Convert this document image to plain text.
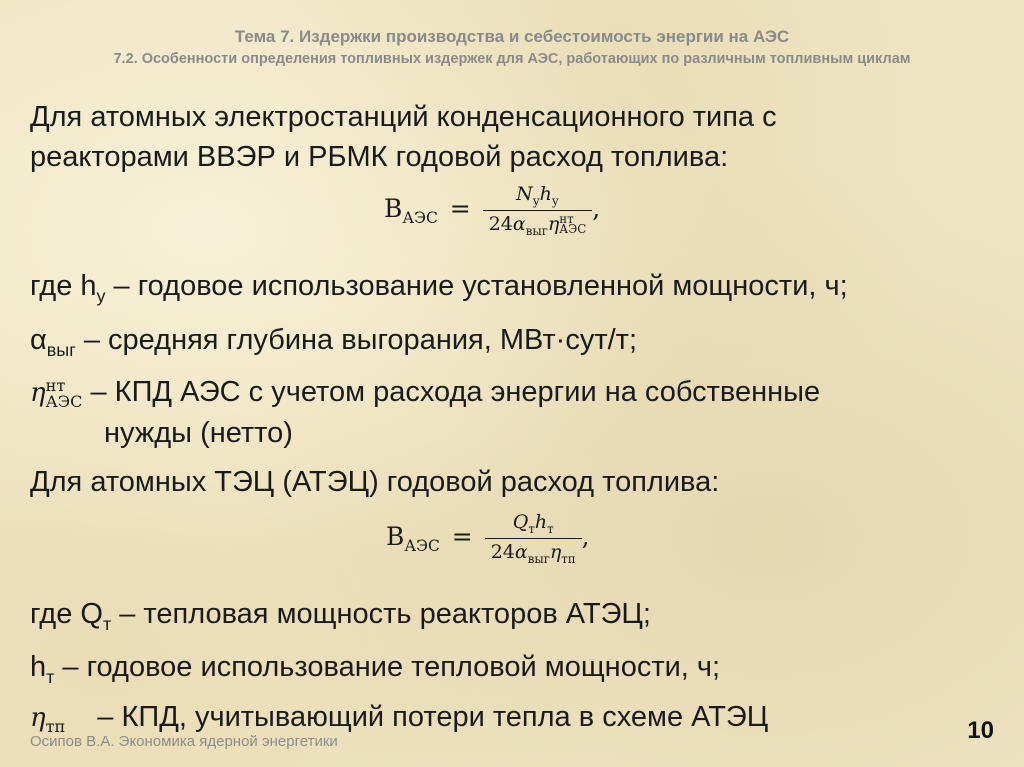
Тема 7. Издержки производства и себестоимость энергии на АЭС
7.2. Особенности определения топливных издержек для АЭС, работающих по различным топливным циклам
Для атомных электростанций конденсационного типа с
реакторами ВВЭР и РБМК годовой расход топлива:
$B_{АЭС} = N_уh_у$
$24\alpha_{выг}\eta$ нт
АЭС ,
где $h_у$ – годовое использование установленной мощности, ч;
$\alpha_{выг}$ – средняя глубина выгорания, МВт·сут/т;
η нт
АЭС – КПД АЭС с учетом расхода энергии на собственные
нужды (нетто)
Для атомных ТЭЦ (АТЭЦ) годовой расход топлива:
$B_{АЭС} = \frac{Q_тh_т}{24\alpha_{выг}\eta_{тп}}$ ,
где $Q_т$ – тепловая мощность реакторов АТЭЦ;
$h_т$ – годовое использование тепловой мощности, ч;
$\eta_{тп}$ – КПД, учитывающий потери тепла в схеме АТЭЦ
Осипов В.А. Экономика ядерной энергетики	10
